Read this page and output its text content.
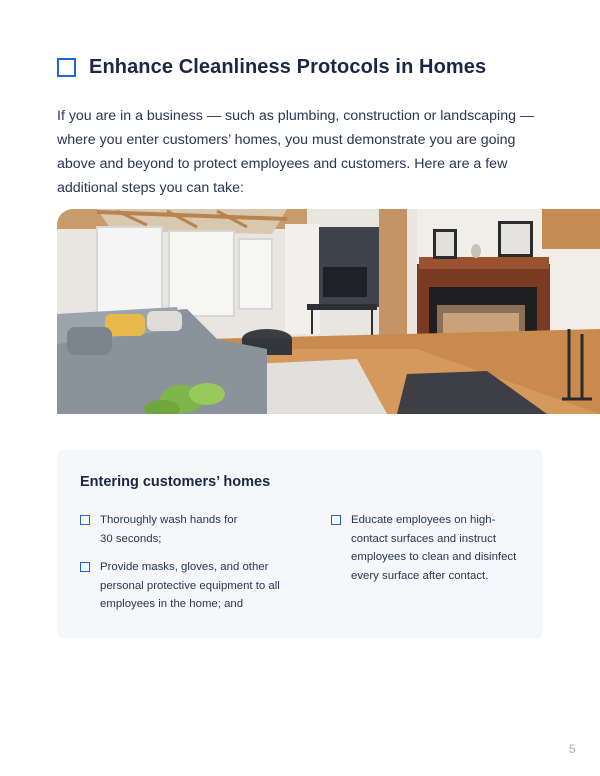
Enhance Cleanliness Protocols in Homes

If you are in a business — such as plumbing, construction or landscaping — where you enter customers’ homes, you must demonstrate you are going above and beyond to protect employees and customers. Here are a few additional steps you can take:

Entering customers’ homes
Thoroughly wash hands for 30 seconds;
Provide masks, gloves, and other personal protective equipment to all employees in the home; and
Educate employees on high-contact surfaces and instruct employees to clean and disinfect every surface after contact.
5
